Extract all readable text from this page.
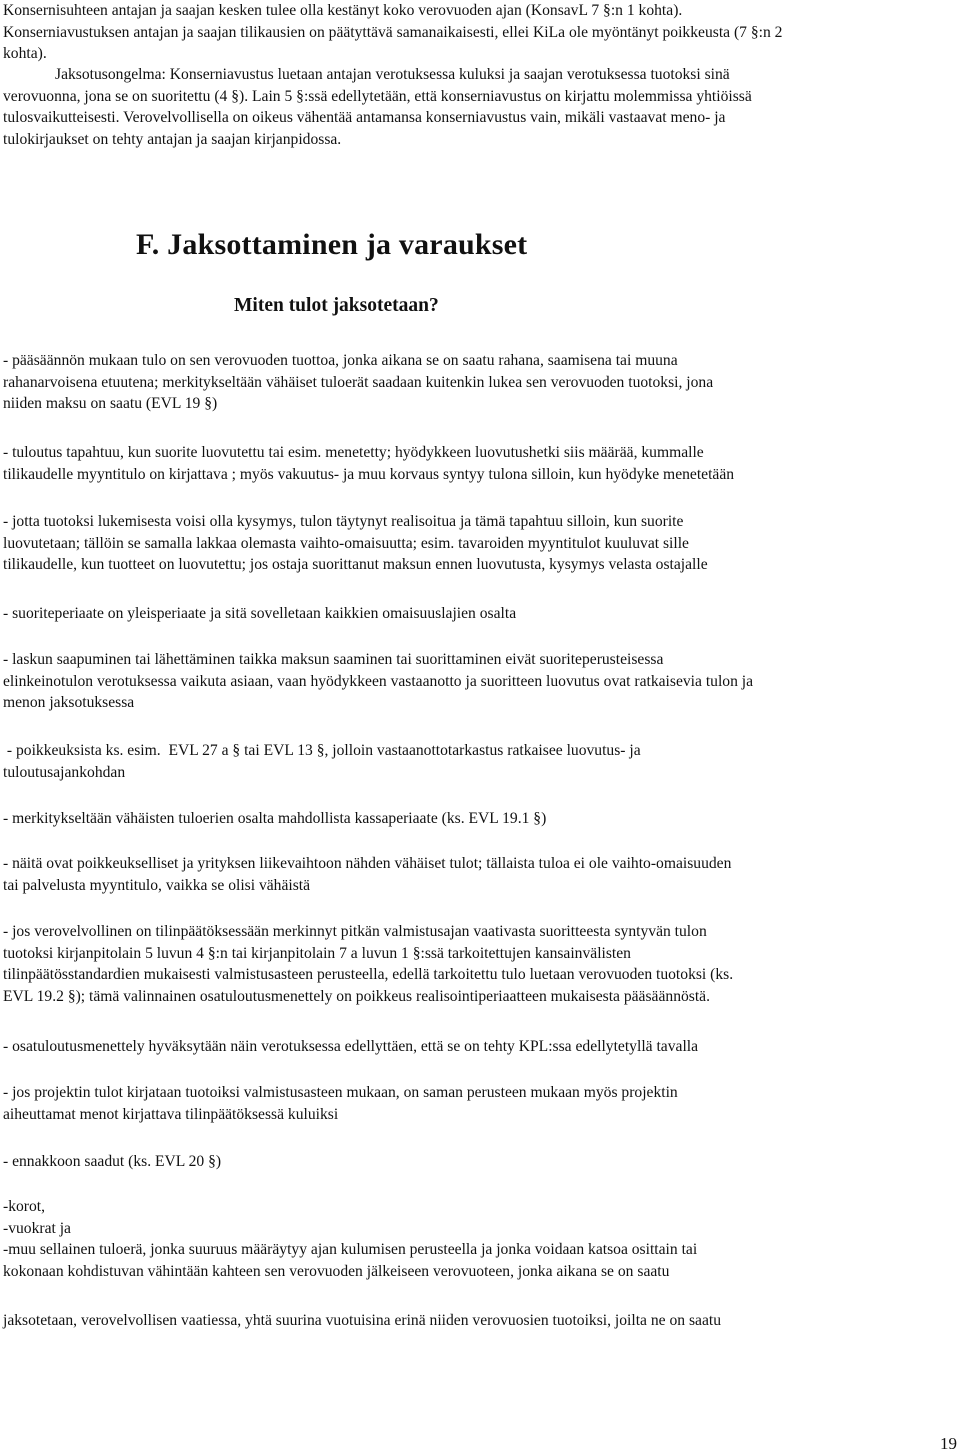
Konsernisuhteen antajan ja saajan kesken tulee olla kestänyt koko verovuoden ajan (KonsavL 7 §:n 1 kohta).
Konserniavustuksen antajan ja saajan tilikausien on päätyttävä samanaikaisesti, ellei KiLa ole myöntänyt poikkeusta (7 §:n 2
kohta).
Jaksotusongelma: Konserniavustus luetaan antajan verotuksessa kuluksi ja saajan verotuksessa tuotoksi sinä
verovuonna, jona se on suoritettu (4 §). Lain 5 §:ssä edellytetään, että konserniavustus on kirjattu molemmissa yhtiöissä
tulosvaikutteisesti. Verovelvollisella on oikeus vähentää antamansa konserniavustus vain, mikäli vastaavat meno- ja
tulokirjaukset on tehty antajan ja saajan kirjanpidossa.
F. Jaksottaminen ja varaukset
Miten tulot jaksotetaan?
- pääsäännön mukaan tulo on sen verovuoden tuottoa, jonka aikana se on saatu rahana, saamisena tai muuna
rahanarvoisena etuutena; merkitykseltään vähäiset tuloerät saadaan kuitenkin lukea sen verovuoden tuotoksi, jona
niiden maksu on saatu (EVL 19 §)
- tuloutus tapahtuu, kun suorite luovutettu tai esim. menetetty; hyödykkeen luovutushetki siis määrää, kummalle
tilikaudelle myyntitulo on kirjattava ; myös vakuutus- ja muu korvaus syntyy tulona silloin, kun hyödyke menetetään
- jotta tuotoksi lukemisesta voisi olla kysymys, tulon täytynyt realisoitua ja tämä tapahtuu silloin, kun suorite
luovutetaan; tällöin se samalla lakkaa olemasta vaihto-omaisuutta; esim. tavaroiden myyntitulot kuuluvat sille
tilikaudelle, kun tuotteet on luovutettu; jos ostaja suorittanut maksun ennen luovutusta, kysymys velasta ostajalle
- suoriteperiaate on yleisperiaate ja sitä sovelletaan kaikkien omaisuuslajien osalta
- laskun saapuminen tai lähettäminen taikka maksun saaminen tai suorittaminen eivät suoriteperusteisessa
elinkeinotulon verotuksessa vaikuta asiaan, vaan hyödykkeen vastaanotto ja suoritteen luovutus ovat ratkaisevia tulon ja
menon jaksotuksessa
- poikkeuksista ks. esim.  EVL 27 a § tai EVL 13 §, jolloin vastaanottotarkastus ratkaisee luovutus- ja
tuloutusajankohdan
- merkitykseltään vähäisten tuloerien osalta mahdollista kassaperiaate (ks. EVL 19.1 §)
- näitä ovat poikkeukselliset ja yrityksen liikevaihtoon nähden vähäiset tulot; tällaista tuloa ei ole vaihto-omaisuuden
tai palvelusta myyntitulo, vaikka se olisi vähäistä
- jos verovelvollinen on tilinpäätöksessään merkinnyt pitkän valmistusajan vaativasta suoritteesta syntyvän tulon
tuotoksi kirjanpitolain 5 luvun 4 §:n tai kirjanpitolain 7 a luvun 1 §:ssä tarkoitettujen kansainvälisten
tilinpäätösstandardien mukaisesti valmistusasteen perusteella, edellä tarkoitettu tulo luetaan verovuoden tuotoksi (ks.
EVL 19.2 §); tämä valinnainen osatuloutusmenettely on poikkeus realisointiperiaatteen mukaisesta pääsäännöstä.
- osatuloutusmenettely hyväksytään näin verotuksessa edellyttäen, että se on tehty KPL:ssa edellytetyllä tavalla
- jos projektin tulot kirjataan tuotoiksi valmistusasteen mukaan, on saman perusteen mukaan myös projektin
aiheuttamat menot kirjattava tilinpäätöksessä kuluiksi
- ennakkoon saadut (ks. EVL 20 §)
-korot,
-vuokrat ja
-muu sellainen tuloerä, jonka suuruus määräytyy ajan kulumisen perusteella ja jonka voidaan katsoa osittain tai
kokonaan kohdistuvan vähintään kahteen sen verovuoden jälkeiseen verovuoteen, jonka aikana se on saatu
jaksotetaan, verovelvollisen vaatiessa, yhtä suurina vuotuisina erinä niiden verovuosien tuotoiksi, joilta ne on saatu
19
